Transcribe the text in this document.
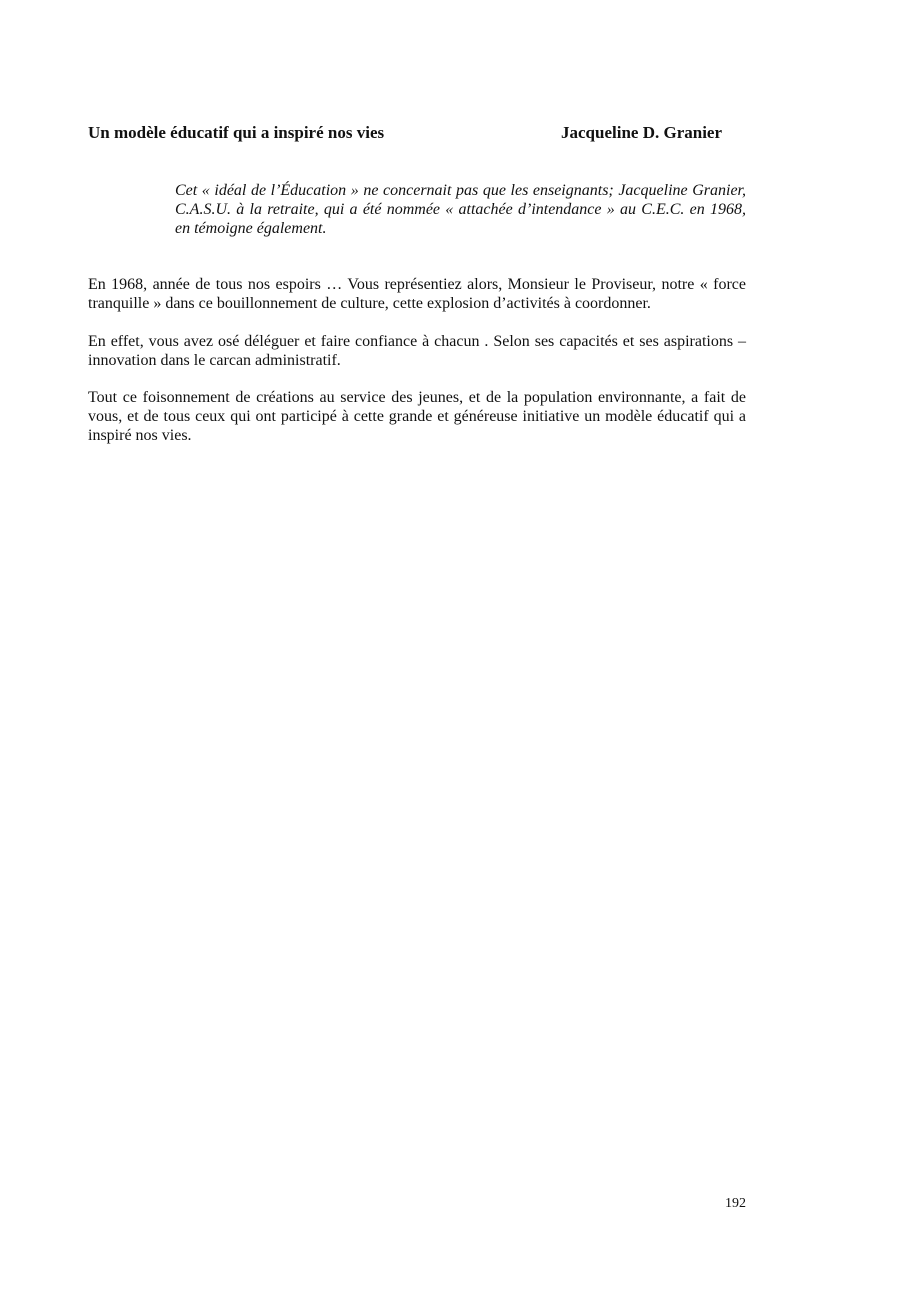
Un modèle éducatif qui a inspiré nos vies	Jacqueline D. Granier
Cet « idéal de l’Éducation » ne concernait pas que les enseignants; Jacqueline Granier, C.A.S.U. à la retraite, qui a été nommée « attachée d’intendance » au C.E.C. en 1968, en témoigne également.
En 1968, année de tous nos espoirs … Vous représentiez alors, Monsieur le Proviseur, notre « force tranquille » dans ce bouillonnement de culture, cette explosion d’activités à coordonner.
En effet, vous avez osé déléguer et faire confiance à chacun . Selon ses capacités et ses aspirations – innovation dans le carcan administratif.
Tout ce foisonnement de créations au service des jeunes, et de la population environnante, a fait de vous, et de tous ceux qui ont participé à cette grande et généreuse initiative un modèle éducatif qui a inspiré nos vies.
192
